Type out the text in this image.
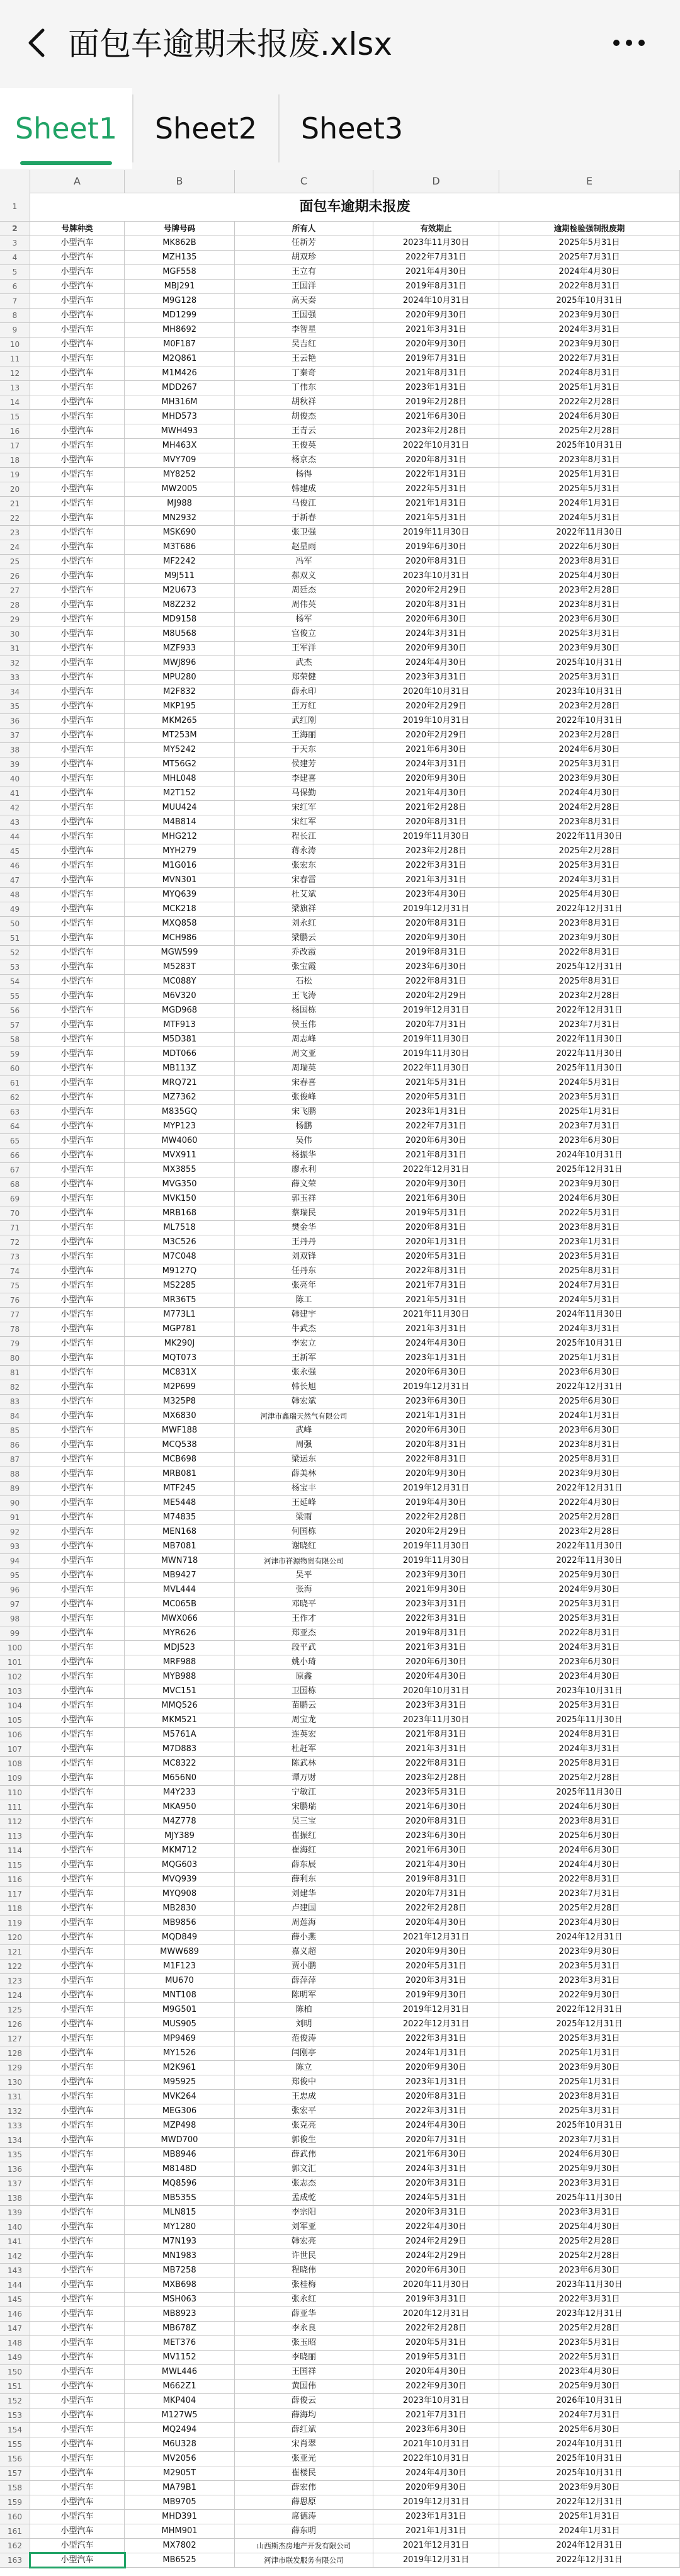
面包车逾期未报废.xlsx
Sheet1 Sheet2 Sheet3
A	B	C	D	E
1	面包车逾期未报废
2	号牌种类	号牌号码	所有人	有效期止	逾期检验强制报废期
3	小型汽车	MK862B	任新芳	2023年11月30日	2025年5月31日
4	小型汽车	MZH135	胡双珍	2022年7月31日	2025年7月31日
5	小型汽车	MGF558	王立有	2021年4月30日	2024年4月30日
6	小型汽车	MBJ291	王国洋	2019年8月31日	2022年8月31日
7	小型汽车	M9G128	高天秦	2024年10月31日	2025年10月31日
8	小型汽车	MD1299	王国强	2020年9月30日	2023年9月30日
9	小型汽车	MH8692	李智星	2021年3月31日	2024年3月31日
10	小型汽车	M0F187	吴吉红	2020年9月30日	2023年9月30日
11	小型汽车	M2Q861	王云艳	2019年7月31日	2022年7月31日
12	小型汽车	M1M426	丁秦奇	2021年8月31日	2024年8月31日
13	小型汽车	MDD267	丁伟东	2023年1月31日	2025年1月31日
14	小型汽车	MH316M	胡秋祥	2019年2月28日	2022年2月28日
15	小型汽车	MHD573	胡俊杰	2021年6月30日	2024年6月30日
16	小型汽车	MWH493	王青云	2023年2月28日	2025年2月28日
17	小型汽车	MH463X	王俊英	2022年10月31日	2025年10月31日
18	小型汽车	MVY709	杨京杰	2020年8月31日	2023年8月31日
19	小型汽车	MY8252	杨得	2022年1月31日	2025年1月31日
20	小型汽车	MW2005	韩建成	2022年5月31日	2025年5月31日
21	小型汽车	MJ988	马俊江	2021年1月31日	2024年1月31日
22	小型汽车	MN2932	于新春	2021年5月31日	2024年5月31日
23	小型汽车	MSK690	张卫强	2019年11月30日	2022年11月30日
24	小型汽车	M3T686	赵星雨	2019年6月30日	2022年6月30日
25	小型汽车	MF2242	冯军	2020年8月31日	2023年8月31日
26	小型汽车	M9J511	郝双义	2023年10月31日	2025年4月30日
27	小型汽车	M2U673	周廷杰	2020年2月29日	2023年2月28日
28	小型汽车	M8Z232	周伟英	2020年8月31日	2023年8月31日
29	小型汽车	MD9158	杨军	2020年6月30日	2023年6月30日
30	小型汽车	M8U568	宫俊立	2024年3月31日	2025年3月31日
31	小型汽车	MZF933	王军洋	2020年9月30日	2023年9月30日
32	小型汽车	MWJ896	武杰	2024年4月30日	2025年10月31日
33	小型汽车	MPU280	郑荣健	2023年3月31日	2025年3月31日
34	小型汽车	M2F832	薛永印	2020年10月31日	2023年10月31日
35	小型汽车	MKP195	王万红	2020年2月29日	2023年2月28日
36	小型汽车	MKM265	武红刚	2019年10月31日	2022年10月31日
37	小型汽车	MT253M	王海丽	2020年2月29日	2023年2月28日
38	小型汽车	MY5242	于天东	2021年6月30日	2024年6月30日
39	小型汽车	MT56G2	侯建芳	2024年3月31日	2025年3月31日
40	小型汽车	MHL048	李建喜	2020年9月30日	2023年9月30日
41	小型汽车	M2T152	马保勤	2021年4月30日	2024年4月30日
42	小型汽车	MUU424	宋红军	2021年2月28日	2024年2月28日
43	小型汽车	M4B814	宋红军	2020年8月31日	2023年8月31日
44	小型汽车	MHG212	程长江	2019年11月30日	2022年11月30日
45	小型汽车	MYH279	蒋永涛	2023年2月28日	2025年2月28日
46	小型汽车	M1G016	张宏东	2022年3月31日	2025年3月31日
47	小型汽车	MVN301	宋春雷	2021年3月31日	2024年3月31日
48	小型汽车	MYQ639	杜艾斌	2023年4月30日	2025年4月30日
49	小型汽车	MCK218	梁旗祥	2019年12月31日	2022年12月31日
50	小型汽车	MXQ858	刘永红	2020年8月31日	2023年8月31日
51	小型汽车	MCH986	梁鹏云	2020年9月30日	2023年9月30日
52	小型汽车	MGW599	乔改霞	2019年8月31日	2022年8月31日
53	小型汽车	M5283T	张宝霞	2023年6月30日	2025年12月31日
54	小型汽车	MC088Y	石松	2022年8月31日	2025年8月31日
55	小型汽车	M6V320	王飞涛	2020年2月29日	2023年2月28日
56	小型汽车	MGD968	杨国栋	2019年12月31日	2022年12月31日
57	小型汽车	MTF913	侯玉伟	2020年7月31日	2023年7月31日
58	小型汽车	M5D381	周志峰	2019年11月30日	2022年11月30日
59	小型汽车	MDT066	周文亚	2019年11月30日	2022年11月30日
60	小型汽车	MB113Z	周瑞英	2022年11月30日	2025年11月30日
61	小型汽车	MRQ721	宋春喜	2021年5月31日	2024年5月31日
62	小型汽车	MZ7362	张俊峰	2020年5月31日	2023年5月31日
63	小型汽车	M835GQ	宋飞鹏	2023年1月31日	2025年1月31日
64	小型汽车	MYP123	杨鹏	2022年7月31日	2023年7月31日
65	小型汽车	MW4060	吴伟	2020年6月30日	2023年6月30日
66	小型汽车	MVX911	杨振华	2021年8月31日	2024年10月31日
67	小型汽车	MX3855	廖永利	2022年12月31日	2025年12月31日
68	小型汽车	MVG350	薛文荣	2020年9月30日	2023年9月30日
69	小型汽车	MVK150	郭玉祥	2021年6月30日	2024年6月30日
70	小型汽车	MRB168	蔡瑞民	2019年5月31日	2022年5月31日
71	小型汽车	ML7518	樊金华	2020年8月31日	2023年8月31日
72	小型汽车	M3C526	王丹丹	2020年1月31日	2023年1月31日
73	小型汽车	M7C048	刘双锋	2020年5月31日	2023年5月31日
74	小型汽车	M9127Q	任丹东	2022年8月31日	2025年8月31日
75	小型汽车	MS2285	张亮年	2021年7月31日	2024年7月31日
76	小型汽车	MR36T5	陈工	2021年5月31日	2024年5月31日
77	小型汽车	M773L1	韩建宇	2021年11月30日	2024年11月30日
78	小型汽车	MGP781	牛武杰	2021年3月31日	2024年3月31日
79	小型汽车	MK290J	李宏立	2024年4月30日	2025年10月31日
80	小型汽车	MQT073	王新军	2023年1月31日	2025年1月31日
81	小型汽车	MC831X	张永强	2020年6月30日	2023年6月30日
82	小型汽车	M2P699	韩长旭	2019年12月31日	2022年12月31日
83	小型汽车	M325P8	韩宏斌	2023年6月30日	2025年6月30日
84	小型汽车	MX6830	河津市鑫瑞天然气有限公司	2021年1月31日	2024年1月31日
85	小型汽车	MWF188	武峰	2020年6月30日	2023年6月30日
86	小型汽车	MCQ538	周强	2020年8月31日	2023年8月31日
87	小型汽车	MCB698	梁运东	2022年8月31日	2025年8月31日
88	小型汽车	MRB081	薛美林	2020年9月30日	2023年9月30日
89	小型汽车	MTF245	杨宝丰	2019年12月31日	2022年12月31日
90	小型汽车	ME5448	王延峰	2019年4月30日	2022年4月30日
91	小型汽车	M74835	梁雨	2022年2月28日	2025年2月28日
92	小型汽车	MEN168	何国栋	2020年2月29日	2023年2月28日
93	小型汽车	MB7081	谢晓红	2019年11月30日	2022年11月30日
94	小型汽车	MWN718	河津市祥源物贸有限公司	2019年11月30日	2022年11月30日
95	小型汽车	MB9427	吴平	2023年9月30日	2025年9月30日
96	小型汽车	MVL444	张海	2021年9月30日	2024年9月30日
97	小型汽车	MC065B	邓晓平	2023年3月31日	2025年3月31日
98	小型汽车	MWX066	王作才	2022年3月31日	2025年3月31日
99	小型汽车	MYR626	郑亚杰	2019年8月31日	2022年8月31日
100	小型汽车	MDJ523	段平武	2021年3月31日	2024年3月31日
101	小型汽车	MRF988	姚小琦	2020年6月30日	2023年6月30日
102	小型汽车	MYB988	原鑫	2020年4月30日	2023年4月30日
103	小型汽车	MVC151	卫国栋	2020年10月31日	2023年10月31日
104	小型汽车	MMQ526	苗鹏云	2023年3月31日	2025年3月31日
105	小型汽车	MKM521	周宝龙	2023年11月30日	2025年11月30日
106	小型汽车	M5761A	连英宏	2021年8月31日	2024年8月31日
107	小型汽车	M7D883	杜赶军	2021年3月31日	2024年3月31日
108	小型汽车	MC8322	陈武林	2022年8月31日	2025年8月31日
109	小型汽车	M656N0	谭万财	2023年2月28日	2025年2月28日
110	小型汽车	M4Y233	宁敏江	2023年5月31日	2025年11月30日
111	小型汽车	MKA950	宋鹏瑞	2021年6月30日	2024年6月30日
112	小型汽车	M4Z778	吴三宝	2020年8月31日	2023年8月31日
113	小型汽车	MJY389	崔振红	2023年6月30日	2025年6月30日
114	小型汽车	MKM712	崔海红	2021年6月30日	2024年6月30日
115	小型汽车	MQG603	薛东辰	2021年4月30日	2024年4月30日
116	小型汽车	MVQ939	薛利东	2019年8月31日	2022年8月31日
117	小型汽车	MYQ908	刘建华	2020年7月31日	2023年7月31日
118	小型汽车	MB2830	卢建国	2022年2月28日	2025年2月28日
119	小型汽车	MB9856	周莲海	2020年4月30日	2023年4月30日
120	小型汽车	MQD849	薛小燕	2021年12月31日	2024年12月31日
121	小型汽车	MWW689	嘉义超	2020年9月30日	2023年9月30日
122	小型汽车	M1F123	贾小鹏	2020年5月31日	2023年5月31日
123	小型汽车	MU670	薛萍萍	2020年3月31日	2023年3月31日
124	小型汽车	MNT108	陈明军	2019年9月30日	2022年9月30日
125	小型汽车	M9G501	陈柏	2019年12月31日	2022年12月31日
126	小型汽车	MUS905	刘明	2022年12月31日	2025年12月31日
127	小型汽车	MP9469	范俊涛	2022年3月31日	2025年3月31日
128	小型汽车	MY1526	闫刚亭	2024年1月31日	2025年1月31日
129	小型汽车	M2K961	陈立	2020年9月30日	2023年9月30日
130	小型汽车	M95925	郑俊中	2023年1月31日	2025年1月31日
131	小型汽车	MVK264	王忠成	2020年8月31日	2023年8月31日
132	小型汽车	MEG306	张宏平	2022年3月31日	2025年3月31日
133	小型汽车	MZP498	张克亮	2024年4月30日	2025年10月31日
134	小型汽车	MWD700	郭俊生	2020年7月31日	2023年7月31日
135	小型汽车	MB8946	薛武伟	2021年6月30日	2024年6月30日
136	小型汽车	M8148D	郭文汇	2024年3月31日	2025年9月30日
137	小型汽车	MQ8596	张志杰	2020年3月31日	2023年3月31日
138	小型汽车	MB535S	孟成乾	2024年5月31日	2025年11月30日
139	小型汽车	MLN815	李宗阳	2020年3月31日	2023年3月31日
140	小型汽车	MY1280	刘军亚	2022年4月30日	2025年4月30日
141	小型汽车	M7N193	韩宏亮	2024年2月29日	2025年2月28日
142	小型汽车	MN1983	许世民	2024年2月29日	2025年2月28日
143	小型汽车	MB7258	程晓伟	2020年6月30日	2023年6月30日
144	小型汽车	MXB698	张桂梅	2020年11月30日	2023年11月30日
145	小型汽车	MSH063	张永红	2019年3月31日	2022年3月31日
146	小型汽车	MB8923	薛亚华	2020年12月31日	2023年12月31日
147	小型汽车	MB678Z	李永良	2022年2月28日	2025年2月28日
148	小型汽车	MET376	张玉昭	2020年5月31日	2023年5月31日
149	小型汽车	MV1152	李晓丽	2019年5月31日	2022年5月31日
150	小型汽车	MWL446	王国祥	2020年4月30日	2023年4月30日
151	小型汽车	M662Z1	黄国伟	2022年9月30日	2025年9月30日
152	小型汽车	MKP404	薛俊云	2023年10月31日	2026年10月31日
153	小型汽车	M127W5	薛海均	2021年7月31日	2024年7月31日
154	小型汽车	MQ2494	薛红斌	2023年6月30日	2025年6月30日
155	小型汽车	M6U328	宋肖翠	2021年10月31日	2024年10月31日
156	小型汽车	MV2056	张亚光	2022年10月31日	2025年10月31日
157	小型汽车	M2905T	崔楼民	2024年4月30日	2025年10月31日
158	小型汽车	MA79B1	薛宏伟	2020年9月30日	2023年9月30日
159	小型汽车	MB9705	薛思原	2019年12月31日	2022年12月31日
160	小型汽车	MHD391	席德涛	2023年1月31日	2025年1月31日
161	小型汽车	MHM901	薛东明	2021年1月31日	2024年1月31日
162	小型汽车	MX7802	山西斯杰房地产开发有限公司	2021年12月31日	2024年12月31日
163	小型汽车	MB6525	河津市联发服务有限公司	2019年12月31日	2022年12月31日
